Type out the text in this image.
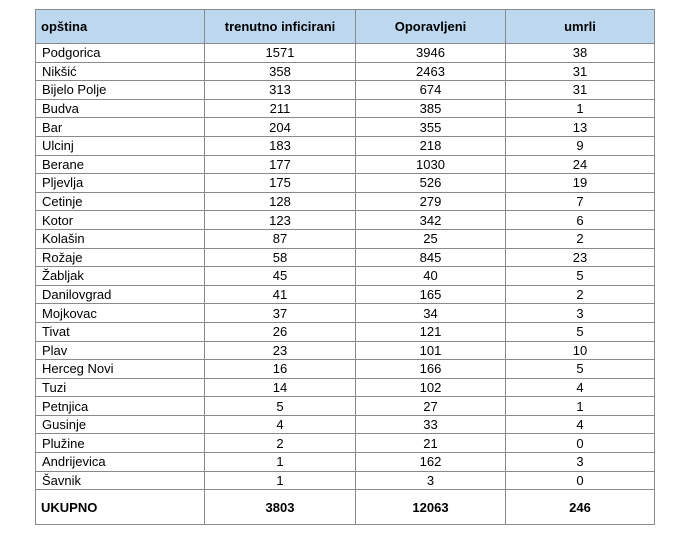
opština	trenutno inficirani	Oporavljeni	umrli
Podgorica	1571	3946	38
Nikšić	358	2463	31
Bijelo Polje	313	674	31
Budva	211	385	1
Bar	204	355	13
Ulcinj	183	218	9
Berane	177	1030	24
Pljevlja	175	526	19
Cetinje	128	279	7
Kotor	123	342	6
Kolašin	87	25	2
Rožaje	58	845	23
Žabljak	45	40	5
Danilovgrad	41	165	2
Mojkovac	37	34	3
Tivat	26	121	5
Plav	23	101	10
Herceg Novi	16	166	5
Tuzi	14	102	4
Petnjica	5	27	1
Gusinje	4	33	4
Plužine	2	21	0
Andrijevica	1	162	3
Šavnik	1	3	0
UKUPNO	3803	12063	246
